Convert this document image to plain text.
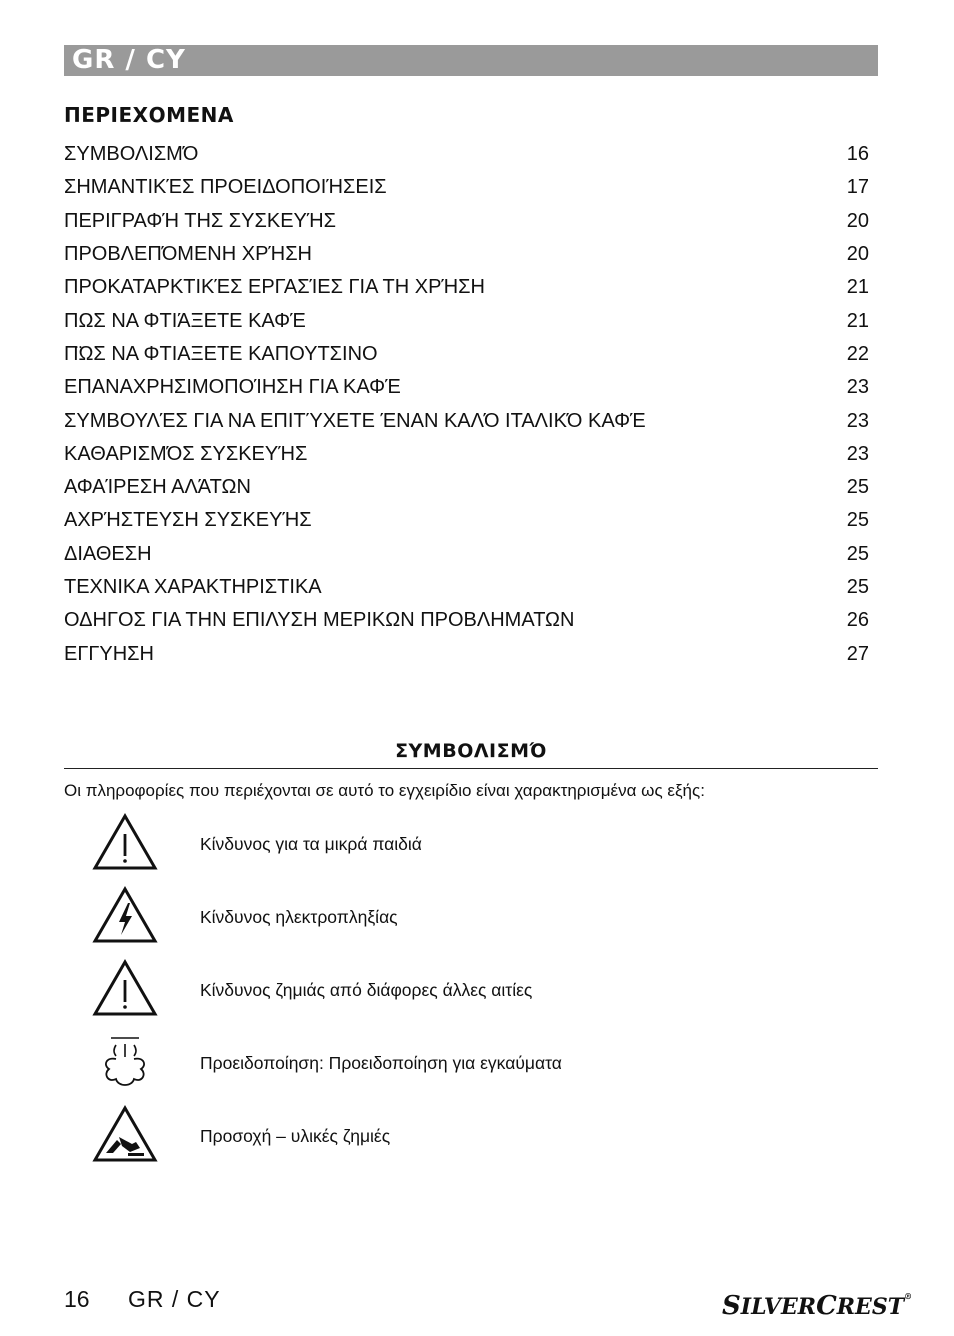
GR / CY
ΠΕΡΙΕΧΟΜΕΝΑ
ΣΥΜΒΟΛΙΣΜΌ	16
ΣΗΜΑΝΤΙΚΈΣ ΠΡΟΕΙΔΟΠΟΙΉΣΕΙΣ	17
ΠΕΡΙΓΡΑΦΉ ΤΗΣ ΣΥΣΚΕΥΉΣ	20
ΠΡΟΒΛΕΠΌΜΕΝΗ ΧΡΉΣΗ	20
ΠΡΟΚΑΤΑΡΚΤΙΚΈΣ ΕΡΓΑΣΊΕΣ ΓΙΑ ΤΗ ΧΡΉΣΗ	21
ΠΩΣ ΝΑ ΦΤΙΆΞΕΤΕ ΚΑΦΈ	21
Π̈ΩΣ ΝΑ ΦΤΙΑΞΕΤΕ ΚΑΠΟΥΤΣΙΝΟ	22
ΕΠΑΝΑΧΡΗΣΙΜΟΠΟΊΗΣΗ ΓΙΑ ΚΑΦΈ	23
ΣΥΜΒΟΥΛΈΣ ΓΙΑ ΝΑ ΕΠΙΤΎΧΕΤΕ ΈΝΑΝ ΚΑΛΌ ΙΤΑΛΙΚΌ ΚΑΦΈ	23
ΚΑΘΑΡΙΣΜΌΣ ΣΥΣΚΕΥΉΣ	23
ΑΦΑΊΡΕΣΗ ΑΛΆΤΩΝ	25
ΑΧΡΉΣΤΕΥΣΗ ΣΥΣΚΕΥΉΣ	25
ΔΙΑΘΕΣΗ	25
ΤΕΧΝΙΚΑ ΧΑΡΑΚΤΗΡΙΣΤΙΚΑ	25
ΟΔΗΓΟΣ ΓΙΑ ΤΗΝ ΕΠΙΛΥΣΗ ΜΕΡΙΚΩΝ ΠΡΟΒΛΗΜΑΤΩΝ	26
ΕΓΓΥΗΣΗ	27
ΣΥΜΒΟΛΙΣΜΌ
Οι πληροφορίες που περιέχονται σε αυτό το εγχειρίδιο είναι χαρακτηρισμένα ως εξής:
Κίνδυνος για τα μικρά παιδιά
Κίνδυνος ηλεκτροπληξίας
Κίνδυνος ζημιάς από διάφορες άλλες αιτίες
Προειδοποίηση: Προειδοποίηση για εγκαύματα
Προσοχή – υλικές ζημιές
16 GR / CY	SILVERCREST®
